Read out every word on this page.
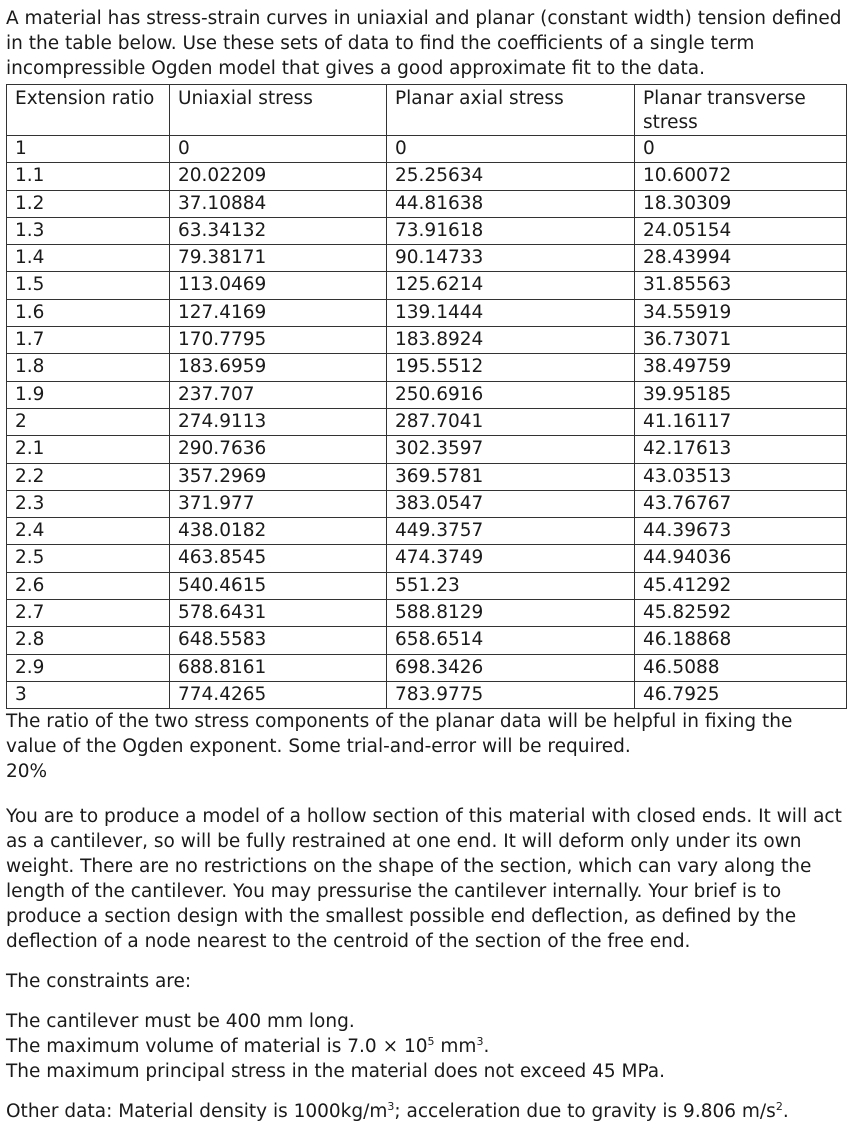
A material has stress-strain curves in uniaxial and planar (constant width) tension defined in the table below. Use these sets of data to find the coefficients of a single term incompressible Ogden model that gives a good approximate fit to the data.

Extension ratio	Uniaxial stress	Planar axial stress	Planar transverse stress
1	0	0	0
1.1	20.02209	25.25634	10.60072
1.2	37.10884	44.81638	18.30309
1.3	63.34132	73.91618	24.05154
1.4	79.38171	90.14733	28.43994
1.5	113.0469	125.6214	31.85563
1.6	127.4169	139.1444	34.55919
1.7	170.7795	183.8924	36.73071
1.8	183.6959	195.5512	38.49759
1.9	237.707	250.6916	39.95185
2	274.9113	287.7041	41.16117
2.1	290.7636	302.3597	42.17613
2.2	357.2969	369.5781	43.03513
2.3	371.977	383.0547	43.76767
2.4	438.0182	449.3757	44.39673
2.5	463.8545	474.3749	44.94036
2.6	540.4615	551.23	45.41292
2.7	578.6431	588.8129	45.82592
2.8	648.5583	658.6514	46.18868
2.9	688.8161	698.3426	46.5088
3	774.4265	783.9775	46.7925

The ratio of the two stress components of the planar data will be helpful in fixing the value of the Ogden exponent. Some trial-and-error will be required.

20%

You are to produce a model of a hollow section of this material with closed ends. It will act as a cantilever, so will be fully restrained at one end. It will deform only under its own weight. There are no restrictions on the shape of the section, which can vary along the length of the cantilever. You may pressurise the cantilever internally. Your brief is to produce a section design with the smallest possible end deflection, as defined by the deflection of a node nearest to the centroid of the section of the free end.

The constraints are:

The cantilever must be 400 mm long.

The maximum volume of material is $7.0 \times 10^5$ $mm^3$.

The maximum principal stress in the material does not exceed 45 MPa.

Other data: Material density is $1000kg/m^3$; acceleration due to gravity is 9.806 $m/s^2$.
